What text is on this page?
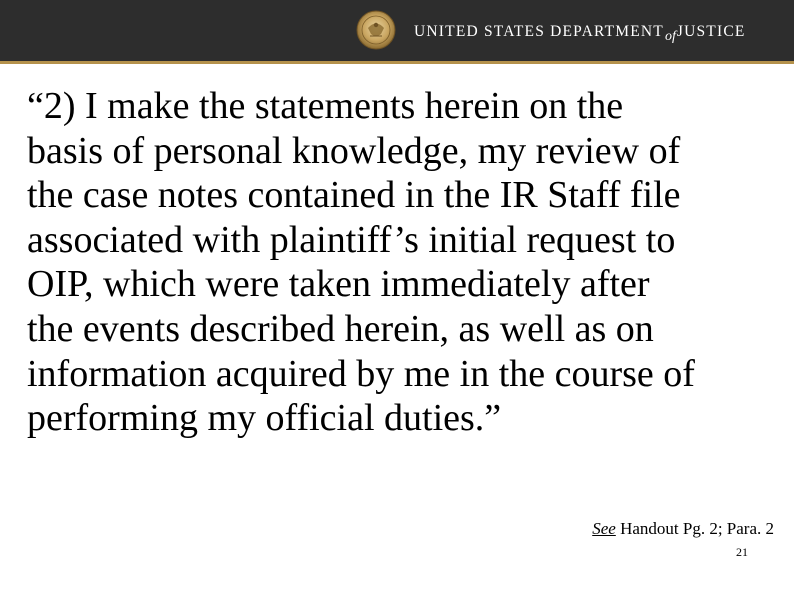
UNITED STATES DEPARTMENTofJUSTICE

“2) I make the statements herein on the
basis of personal knowledge, my review of
the case notes contained in the IR Staff file
associated with plaintiff’s initial request to
OIP, which were taken immediately after
the events described herein, as well as on
information acquired by me in the course of
performing my official duties.”

See Handout Pg. 2; Para. 2
21
